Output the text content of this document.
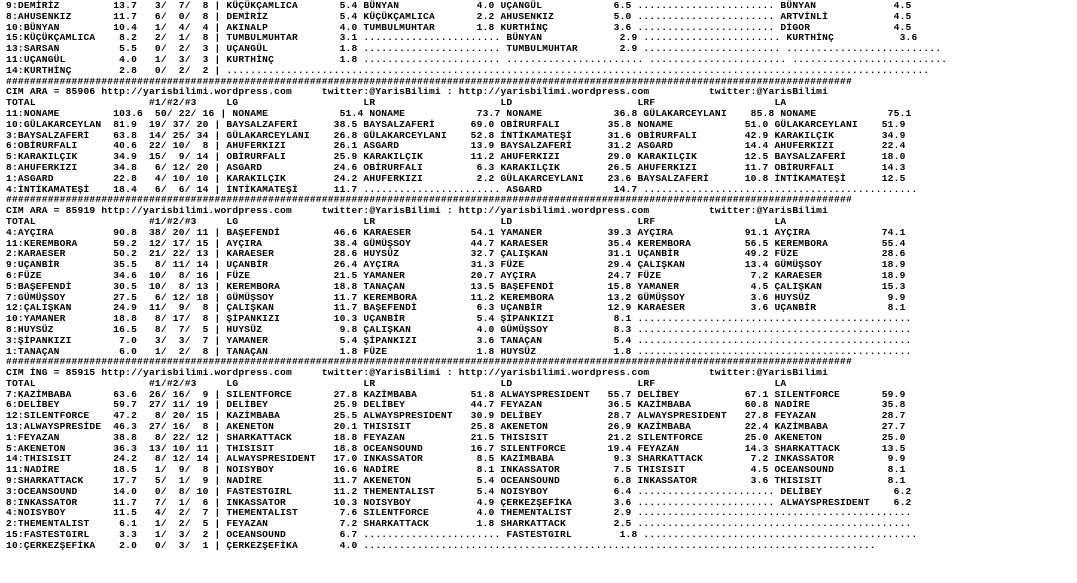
9:DEMİRİZ         13.7   3/  7/  8 | KÜÇÜKÇAMLICA       5.4 BÜNYAN             4.0 UÇANGÜL            6.5 ....................... BÜNYAN             4.5
8:AHUSENKIZ       11.7   6/  0/  8 | DEMİRİZ            5.4 KÜÇÜKÇAMLICA       2.2 AHUSENKIZ          5.0 ....................... ARTVİNLİ           4.5
10:BÜNYAN         10.4   1/  4/  4 | AKINALP            4.0 TUMBULMUHTAR       1.8 KURTHİNÇ           3.6 ....................... DİGOR              4.5
15:KÜÇÜKÇAMLICA    8.2   2/  1/  8 | TUMBULMUHTAR       3.1 ....................... BÜNYAN             2.9 ....................... KURTHİNÇ           3.6
13:SARSAN          5.5   0/  2/  3 | UÇANGÜL            1.8 ....................... TUMBULMUHTAR       2.9 ....................... ..........................
11:UÇANGÜL         4.0   1/  3/  3 | KURTHİNÇ           1.8 ....................... ....................... ....................... ..........................
14:KURTHİNÇ        2.8   0/  2/  2 | ......................................................................................................................
##############################################################################################################################################
CIM ARA = 85906 http://yarisbilimi.wordpress.com     twitter:@YarisBilimi : http://yarisbilimi.wordpress.com          twitter:@YarisBilimi
TOTAL                   #1/#2/#3     LG                     LR                     LD                     LRF                    LA
11:NONAME         103.6  50/ 22/ 16 | NONAME            51.4 NONAME            73.7 NONAME            36.8 GÜLAKARCEYLANI    85.8 NONAME            75.1
10:GÜLAKARCEYLAN  81.9  19/ 37/ 20 | BAYSALZAFERİ      38.5 BAYSALZAFERİ      69.0 OBİRURFALI        35.8 NONAME            51.0 GÜLAKARCEYLANI    51.9
3:BAYSALZAFERİ    63.8  14/ 25/ 34 | GÜLAKARCEYLANI    26.8 GÜLAKARCEYLANI    52.8 İNTİKAMATEŞİ      31.6 OBİRURFALI        42.9 KARAKILÇIK        34.9
6:OBİRURFALI      40.6  22/ 10/  8 | AHUFERKIZI        26.1 ASGARD            13.9 BAYSALZAFERİ      31.2 ASGARD            14.4 AHUFERKIZI        22.4
5:KARAKILÇIK      34.9  15/  9/ 14 | OBİRURFALI        25.9 KARAKILÇIK        11.2 AHUFERKIZI        29.0 KARAKILÇIK        12.5 BAYSALZAFERİ      18.0
8:AHUFERKIZI      34.8   6/ 12/ 20 | ASGARD            24.6 OBİRURFALI         6.3 KARAKILÇIK        26.5 AHUFERKIZI        11.7 OBİRURFALI        14.3
1:ASGARD          22.8   4/ 10/ 10 | KARAKILÇIK        24.2 AHUFERKIZI         2.2 GÜLAKARCEYLANI    23.6 BAYSALZAFERİ      10.8 İNTİKAMATEŞİ      12.5
4:İNTİKAMATEŞİ    18.4   6/  6/ 14 | İNTİKAMATEŞİ      11.7 ....................... ASGARD            14.7 ..............................................
##############################################################################################################################################
CIM ARA = 85919 http://yarisbilimi.wordpress.com     twitter:@YarisBilimi : http://yarisbilimi.wordpress.com          twitter:@YarisBilimi
TOTAL                   #1/#2/#3     LG                     LR                     LD                     LRF                    LA
4:AYÇIRA          90.8  38/ 20/ 11 | BAŞEFENDİ         46.6 KARAESER          54.1 YAMANER           39.3 AYÇIRA            91.1 AYÇIRA            74.1
11:KEREMBORA      59.2  12/ 17/ 15 | AYÇIRA            38.4 GÜMÜŞSOY          44.7 KARAESER          35.4 KEREMBORA         56.5 KEREMBORA         55.4
2:KARAESER        50.2  21/ 22/ 13 | KARAESER          28.6 HUYSÜZ            32.7 ÇALIŞKAN          31.1 UÇANBİR           49.2 FÜZE              28.6
9:UÇANBİR         35.5   8/ 11/ 14 | UÇANBİR           26.4 AYÇIRA            31.3 FÜZE              29.4 ÇALIŞKAN          13.4 GÜMÜŞSOY          18.9
6:FÜZE            34.6  10/  8/ 16 | FÜZE              21.5 YAMANER           20.7 AYÇIRA            24.7 FÜZE               7.2 KARAESER          18.9
5:BAŞEFENDİ       30.5  10/  8/ 13 | KEREMBORA         18.8 TANAÇAN           13.5 BAŞEFENDİ         15.8 YAMANER            4.5 ÇALIŞKAN          15.3
7:GÜMÜŞSOY        27.5   6/ 12/ 18 | GÜMÜŞSOY          11.7 KEREMBORA         11.2 KEREMBORA         13.2 GÜMÜŞSOY           3.6 HUYSÜZ             9.9
12:ÇALIŞKAN       24.9  11/  9/  8 | ÇALIŞKAN          11.7 BAŞEFENDİ          6.3 UÇANBİR           12.9 KARAESER           3.6 UÇANBİR            8.1
10:YAMANER        18.8   8/ 17/  8 | ŞİPANKIZI         10.3 UÇANBİR            5.4 ŞİPANKIZI          8.1 ..............................................
8:HUYSÜZ          16.5   8/  7/  5 | HUYSÜZ             9.8 ÇALIŞKAN           4.0 GÜMÜŞSOY           8.3 ..............................................
3:ŞİPANKIZI        7.0   3/  3/  7 | YAMANER            5.4 ŞİPANKIZI          3.6 TANAÇAN            5.4 ..............................................
1:TANAÇAN          6.0   1/  2/  8 | TANAÇAN            1.8 FÜZE               1.8 HUYSÜZ             1.8 ..............................................
##############################################################################################################################################
CIM İNG = 85915 http://yarisbilimi.wordpress.com     twitter:@YarisBilimi : http://yarisbilimi.wordpress.com          twitter:@YarisBilimi
TOTAL                   #1/#2/#3     LG                     LR                     LD                     LRF                    LA
7:KAZİMBABA       63.6  26/ 16/  9 | SILENTFORCE       27.8 KAZİMBABA         51.8 ALWAYSPRESIDENT   55.7 DELİBEY           67.1 SILENTFORCE       59.9
6:DELİBEY         59.7  27/ 11/ 19 | DELİBEY           25.9 DELİBEY           44.7 FEYAZAN           36.5 KAZİMBABA         60.8 NADİRE            35.8
12:SILENTFORCE    47.2   8/ 20/ 15 | KAZİMBABA         25.5 ALWAYSPRESIDENT   30.9 DELİBEY           28.7 ALWAYSPRESIDENT   27.8 FEYAZAN           28.7
13:ALWAYSPRESİDE  46.3  27/ 16/  8 | AKENETON          20.1 THISISIT          25.8 AKENETON          26.9 KAZİMBABA         22.4 KAZİMBABA         27.7
1:FEYAZAN         38.8   8/ 22/ 12 | SHARKATTACK       18.8 FEYAZAN           21.5 THISISIT          21.2 SILENTFORCE       25.0 AKENETON          25.0
5:AKENETON        36.3  13/ 10/ 11 | THISISIT          18.8 OCEANSOUND        16.7 SILENTFORCE       19.4 FEYAZAN           14.3 SHARKATTACK       13.5
14:THISISIT       24.2   8/ 12/ 14 | ALWAYSPRESIDENT   17.0 INKASSATOR         8.5 KAZİMBABA          9.3 SHARKATTACK        7.2 INKASSATOR         9.9
11:NADİRE         18.5   1/  9/  8 | NOISYBOY          16.6 NADİRE             8.1 INKASSATOR         7.5 THISISIT           4.5 OCEANSOUND         8.1
9:SHARKATTACK     17.7   5/  1/  9 | NADİRE            11.7 AKENETON           5.4 OCEANSOUND         6.8 INKASSATOR         3.6 THISISIT           8.1
3:OCEANSOUND      14.0   0/  8/ 10 | FASTESTGIRL       11.2 THEMENTALIST       5.4 NOISYBOY           6.4 ....................... DELİBEY            6.2
8:INKASSATOR      11.7   7/  1/  6 | INKASSATOR        10.3 NOISYBOY           4.9 ÇERKEZŞEFİKA       3.6 ....................... ALWAYSPRESIDENT    6.2
4:NOISYBOY        11.5   4/  2/  7 | THEMENTALIST       7.6 SILENTFORCE        4.0 THEMENTALIST       2.9 ..............................................
2:THEMENTALIST     6.1   1/  2/  5 | FEYAZAN            7.2 SHARKATTACK        1.8 SHARKATTACK        2.5 ..............................................
15:FASTESTGIRL     3.3   1/  3/  2 | OCEANSOUND         6.7 ....................... FASTESTGIRL        1.8 ..............................................
10:ÇERKEZŞEFİKA    2.0   0/  3/  1 | ÇERKEZŞEFİKA       4.0 ......................................................................................
